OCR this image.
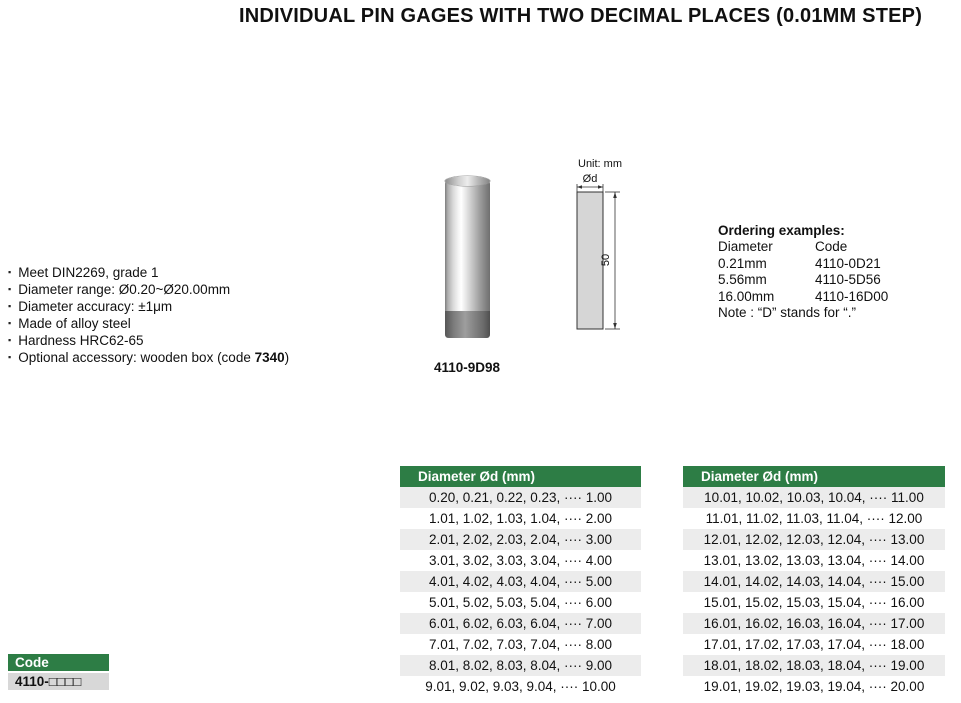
INDIVIDUAL PIN GAGES WITH TWO DECIMAL PLACES (0.01MM STEP)
▪ Meet DIN2269, grade 1
▪ Diameter range: Ø0.20~Ø20.00mm
▪ Diameter accuracy: ±1μm
▪ Made of alloy steel
▪ Hardness HRC62-65
▪ Optional accessory: wooden box (code 7340)
4110-9D98
Unit: mm
Ød
50
Ordering examples:
Diameter	Code
0.21mm	4110-0D21
5.56mm	4110-5D56
16.00mm	4110-16D00
Note : “D” stands for “.”
Diameter Ød (mm)
0.20, 0.21, 0.22, 0.23, ···· 1.00
1.01, 1.02, 1.03, 1.04, ···· 2.00
2.01, 2.02, 2.03, 2.04, ···· 3.00
3.01, 3.02, 3.03, 3.04, ···· 4.00
4.01, 4.02, 4.03, 4.04, ···· 5.00
5.01, 5.02, 5.03, 5.04, ···· 6.00
6.01, 6.02, 6.03, 6.04, ···· 7.00
7.01, 7.02, 7.03, 7.04, ···· 8.00
8.01, 8.02, 8.03, 8.04, ···· 9.00
9.01, 9.02, 9.03, 9.04, ···· 10.00
Diameter Ød (mm)
10.01, 10.02, 10.03, 10.04, ···· 11.00
11.01, 11.02, 11.03, 11.04, ···· 12.00
12.01, 12.02, 12.03, 12.04, ···· 13.00
13.01, 13.02, 13.03, 13.04, ···· 14.00
14.01, 14.02, 14.03, 14.04, ···· 15.00
15.01, 15.02, 15.03, 15.04, ···· 16.00
16.01, 16.02, 16.03, 16.04, ···· 17.00
17.01, 17.02, 17.03, 17.04, ···· 18.00
18.01, 18.02, 18.03, 18.04, ···· 19.00
19.01, 19.02, 19.03, 19.04, ···· 20.00
Code
4110-□□□□
